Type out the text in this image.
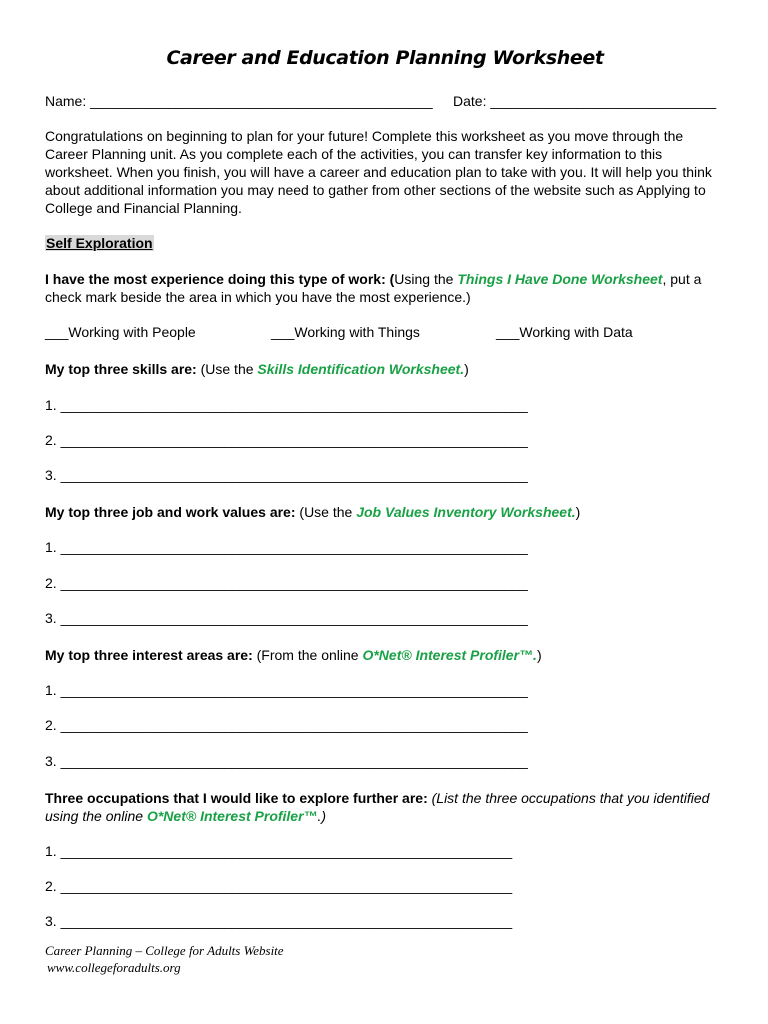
Career and Education Planning Worksheet
Name: ____________________________________________ Date: _____________________________

Congratulations on beginning to plan for your future! Complete this worksheet as you move through the Career Planning unit. As you complete each of the activities, you can transfer key information to this worksheet. When you finish, you will have a career and education plan to take with you. It will help you think about additional information you may need to gather from other sections of the website such as Applying to College and Financial Planning.

Self Exploration
I have the most experience doing this type of work: (Using the Things I Have Done Worksheet, put a check mark beside the area in which you have the most experience.)
___Working with People	___Working with Things	___Working with Data
My top three skills are: (Use the Skills Identification Worksheet.)
1. ____________________________________________________________
2. ____________________________________________________________
3. ____________________________________________________________
My top three job and work values are: (Use the Job Values Inventory Worksheet.)
1. ____________________________________________________________
2. ____________________________________________________________
3. ____________________________________________________________
My top three interest areas are: (From the online O*Net® Interest Profiler™.)
1. ____________________________________________________________
2. ____________________________________________________________
3. ____________________________________________________________
Three occupations that I would like to explore further are: (List the three occupations that you identified using the online O*Net® Interest Profiler™.)
1. __________________________________________________________
2. __________________________________________________________
3. __________________________________________________________
Career Planning – College for Adults Website
www.collegeforadults.org
